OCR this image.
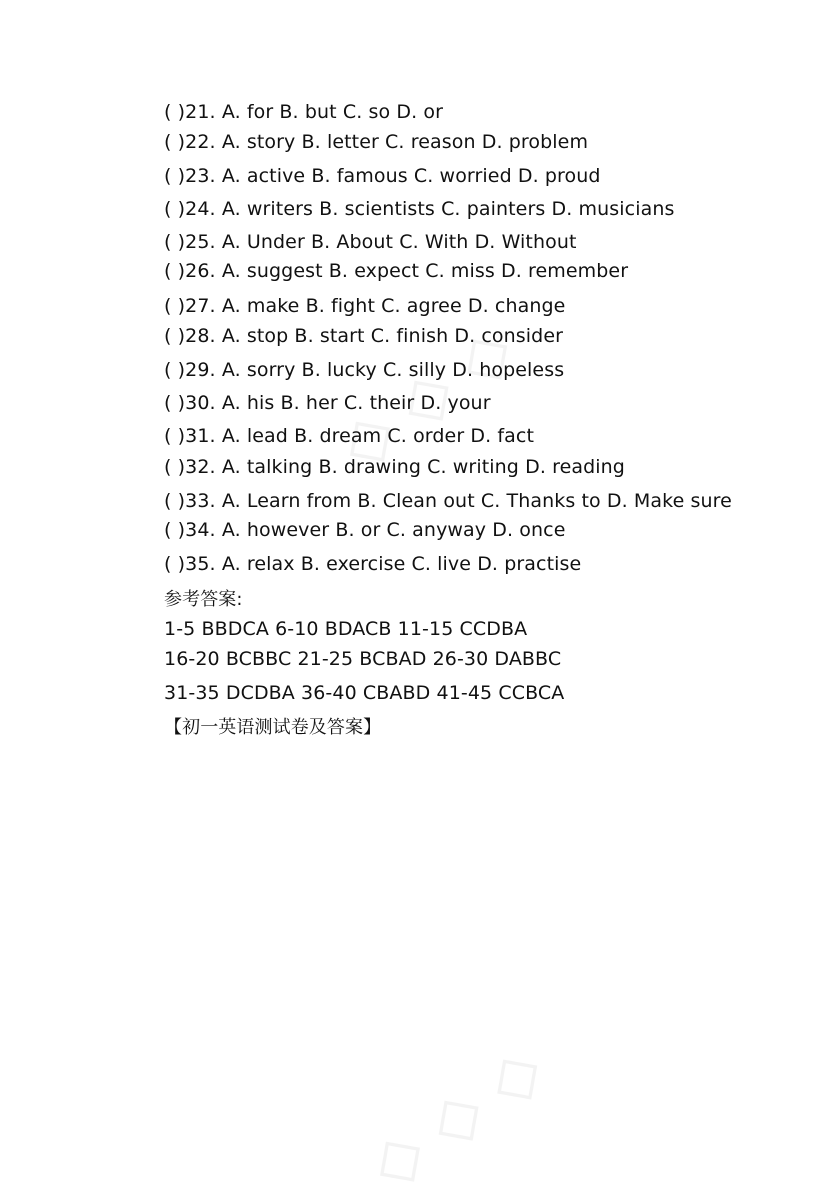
( )21. A. for B. but C. so D. or
( )22. A. story B. letter C. reason D. problem
( )23. A. active B. famous C. worried D. proud
( )24. A. writers B. scientists C. painters D. musicians
( )25. A. Under B. About C. With D. Without
( )26. A. suggest B. expect C. miss D. remember
( )27. A. make B. fight C. agree D. change
( )28. A. stop B. start C. finish D. consider
( )29. A. sorry B. lucky C. silly D. hopeless
( )30. A. his B. her C. their D. your
( )31. A. lead B. dream C. order D. fact
( )32. A. talking B. drawing C. writing D. reading
( )33. A. Learn from B. Clean out C. Thanks to D. Make sure
( )34. A. however B. or C. anyway D. once
( )35. A. relax B. exercise C. live D. practise
参考答案:
1-5 BBDCA 6-10 BDACB 11-15 CCDBA
16-20 BCBBC 21-25 BCBAD 26-30 DABBC
31-35 DCDBA 36-40 CBABD 41-45 CCBCA
【初一英语测试卷及答案】
